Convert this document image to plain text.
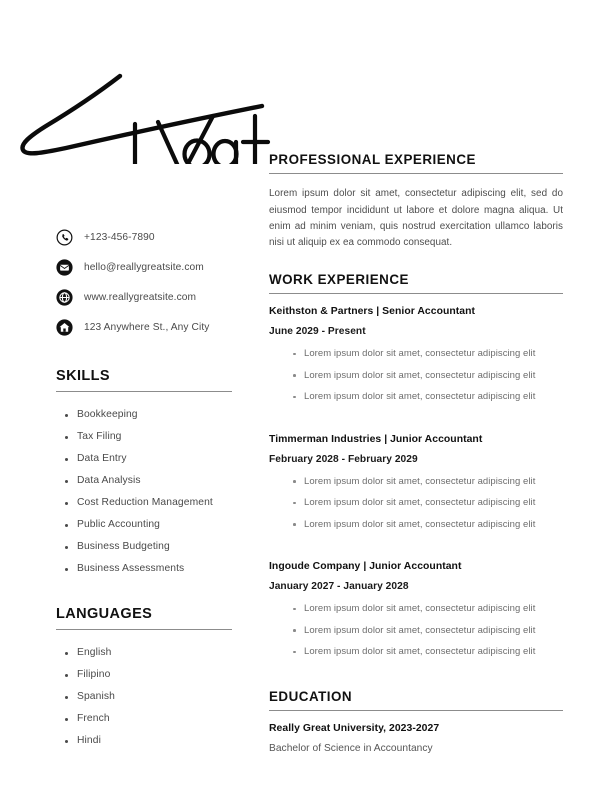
+123-456-7890
hello@reallygreatsite.com
www.reallygreatsite.com
123 Anywhere St., Any City
SKILLS
Bookkeeping
Tax Filing
Data Entry
Data Analysis
Cost Reduction Management
Public Accounting
Business Budgeting
Business Assessments
LANGUAGES
English
Filipino
Spanish
French
Hindi
PROFESSIONAL EXPERIENCE

Lorem ipsum dolor sit amet, consectetur adipiscing elit, sed do eiusmod tempor incididunt ut labore et dolore magna aliqua. Ut enim ad minim veniam, quis nostrud exercitation ullamco laboris nisi ut aliquip ex ea commodo consequat.

WORK EXPERIENCE

Keithston & Partners | Senior Accountant

June 2029 - Present

Lorem ipsum dolor sit amet, consectetur adipiscing elit
Lorem ipsum dolor sit amet, consectetur adipiscing elit
Lorem ipsum dolor sit amet, consectetur adipiscing elit

Timmerman Industries | Junior Accountant

February 2028 - February 2029

Lorem ipsum dolor sit amet, consectetur adipiscing elit
Lorem ipsum dolor sit amet, consectetur adipiscing elit
Lorem ipsum dolor sit amet, consectetur adipiscing elit

Ingoude Company | Junior Accountant

January 2027 - January 2028

Lorem ipsum dolor sit amet, consectetur adipiscing elit
Lorem ipsum dolor sit amet, consectetur adipiscing elit
Lorem ipsum dolor sit amet, consectetur adipiscing elit
EDUCATION

Really Great University, 2023-2027

Bachelor of Science in Accountancy
